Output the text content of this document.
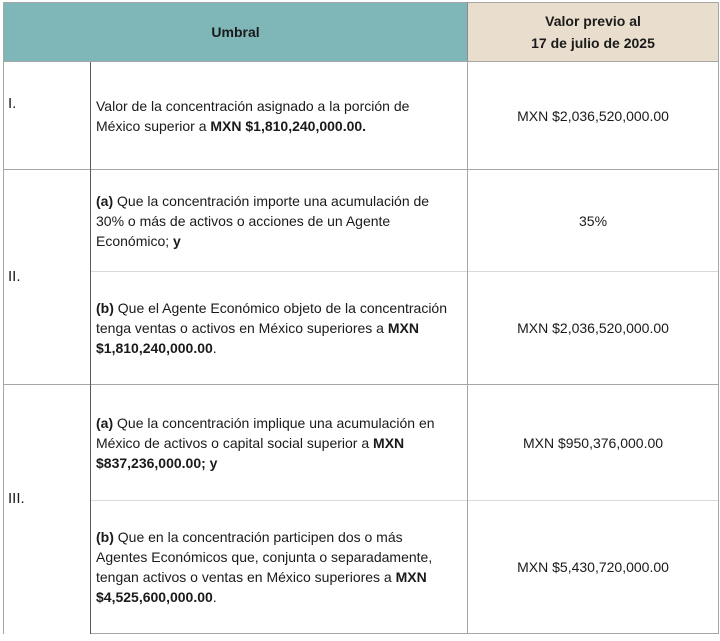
Umbral		Valor previo al
17 de julio de 2025
I.	Valor de la concentración asignado a la porción de México superior a MXN $1,810,240,000.00.	MXN $2,036,520,000.00
II.	(a) Que la concentración importe una acumulación de 30% o más de activos o acciones de un Agente Económico; y	35%
	(b) Que el Agente Económico objeto de la concentración tenga ventas o activos en México superiores a MXN $1,810,240,000.00.	MXN $2,036,520,000.00
III.	(a) Que la concentración implique una acumulación en México de activos o capital social superior a MXN $837,236,000.00; y	MXN $950,376,000.00
	(b) Que en la concentración participen dos o más Agentes Económicos que, conjunta o separadamente, tengan activos o ventas en México superiores a MXN $4,525,600,000.00.	MXN $5,430,720,000.00
